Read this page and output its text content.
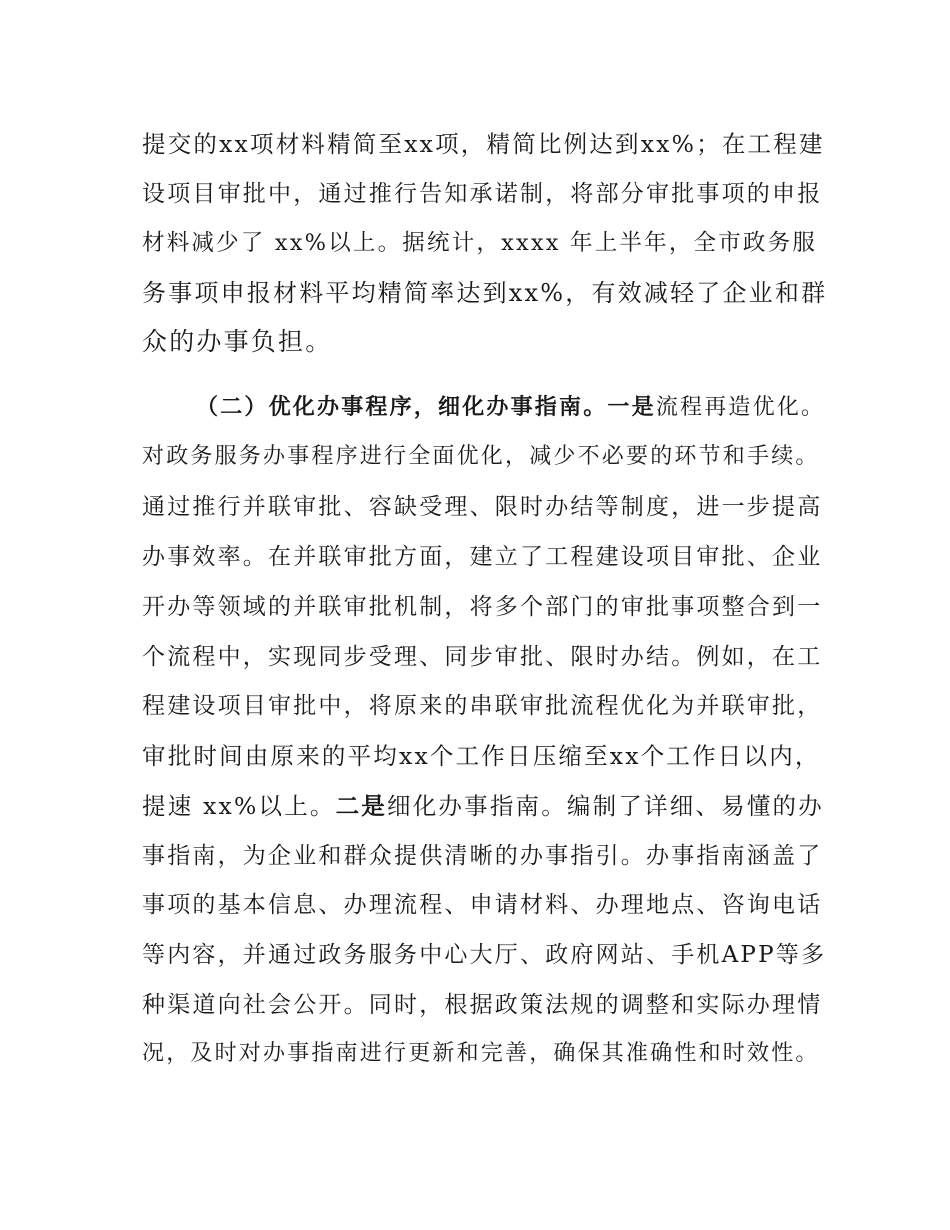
提交的xx项材料精简至xx项，精简比例达到xx%；在工程建
设项目审批中，通过推行告知承诺制，将部分审批事项的申报
材料减少了 xx%以上。据统计，xxxx 年上半年，全市政务服
务事项申报材料平均精简率达到xx%，有效减轻了企业和群
众的办事负担。
（二）优化办事程序，细化办事指南。一是流程再造优化。
对政务服务办事程序进行全面优化，减少不必要的环节和手续。
通过推行并联审批、容缺受理、限时办结等制度，进一步提高
办事效率。在并联审批方面，建立了工程建设项目审批、企业
开办等领域的并联审批机制，将多个部门的审批事项整合到一
个流程中，实现同步受理、同步审批、限时办结。例如，在工
程建设项目审批中，将原来的串联审批流程优化为并联审批，
审批时间由原来的平均xx个工作日压缩至xx个工作日以内，
提速 xx%以上。二是细化办事指南。编制了详细、易懂的办
事指南，为企业和群众提供清晰的办事指引。办事指南涵盖了
事项的基本信息、办理流程、申请材料、办理地点、咨询电话
等内容，并通过政务服务中心大厅、政府网站、手机APP等多
种渠道向社会公开。同时，根据政策法规的调整和实际办理情
况，及时对办事指南进行更新和完善，确保其准确性和时效性。
